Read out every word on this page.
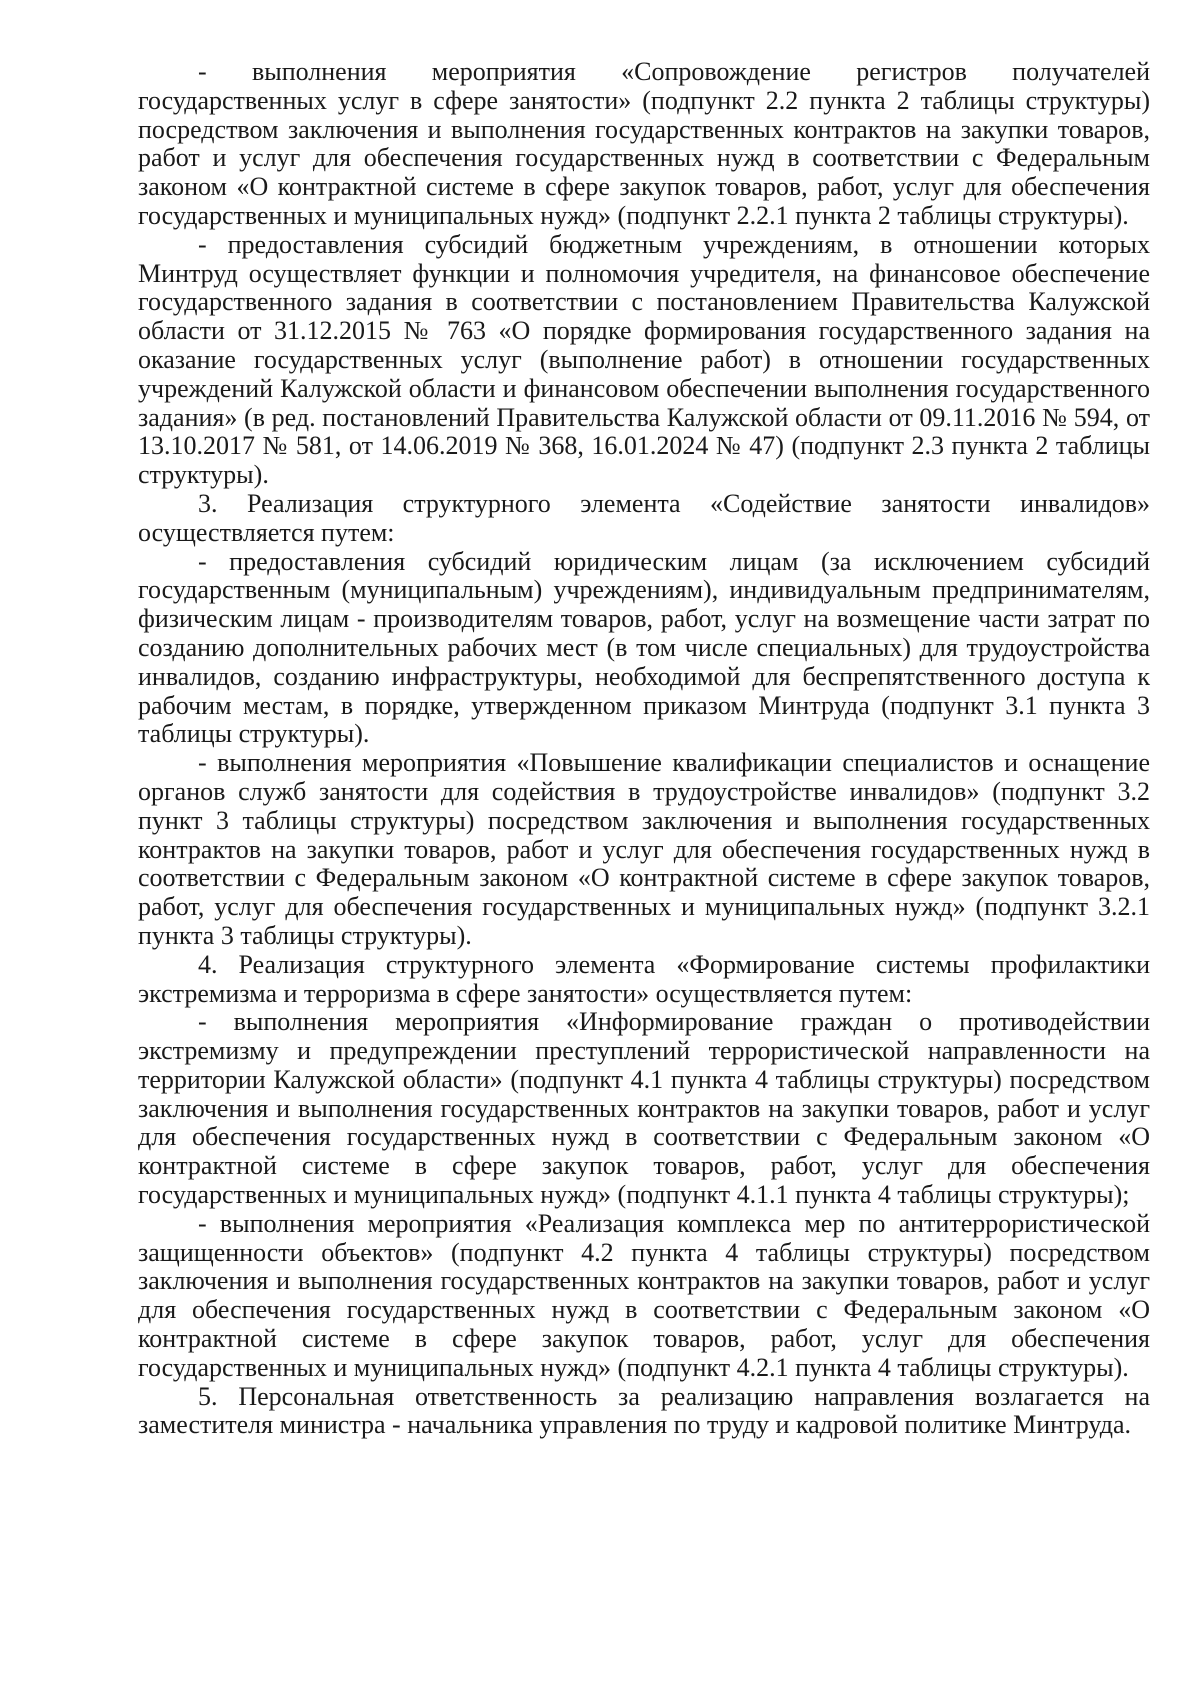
- выполнения мероприятия «Сопровождение регистров получателей государственных услуг в сфере занятости» (подпункт 2.2 пункта 2 таблицы структуры) посредством заключения и выполнения государственных контрактов на закупки товаров, работ и услуг для обеспечения государственных нужд в соответствии с Федеральным законом «О контрактной системе в сфере закупок товаров, работ, услуг для обеспечения государственных и муниципальных нужд» (подпункт 2.2.1 пункта 2 таблицы структуры).

- предоставления субсидий бюджетным учреждениям, в отношении которых Минтруд осуществляет функции и полномочия учредителя, на финансовое обеспечение государственного задания в соответствии с постановлением Правительства Калужской области от 31.12.2015 № 763 «О порядке формирования государственного задания на оказание государственных услуг (выполнение работ) в отношении государственных учреждений Калужской области и финансовом обеспечении выполнения государственного задания» (в ред. постановлений Правительства Калужской области от 09.11.2016 № 594, от 13.10.2017 № 581, от 14.06.2019 № 368, 16.01.2024 № 47) (подпункт 2.3 пункта 2 таблицы структуры).

3. Реализация структурного элемента «Содействие занятости инвалидов» осуществляется путем:

- предоставления субсидий юридическим лицам (за исключением субсидий государственным (муниципальным) учреждениям), индивидуальным предпринимателям, физическим лицам - производителям товаров, работ, услуг на возмещение части затрат по созданию дополнительных рабочих мест (в том числе специальных) для трудоустройства инвалидов, созданию инфраструктуры, необходимой для беспрепятственного доступа к рабочим местам, в порядке, утвержденном приказом Минтруда (подпункт 3.1 пункта 3 таблицы структуры).

- выполнения мероприятия «Повышение квалификации специалистов и оснащение органов служб занятости для содействия в трудоустройстве инвалидов» (подпункт 3.2 пункт 3 таблицы структуры) посредством заключения и выполнения государственных контрактов на закупки товаров, работ и услуг для обеспечения государственных нужд в соответствии с Федеральным законом «О контрактной системе в сфере закупок товаров, работ, услуг для обеспечения государственных и муниципальных нужд» (подпункт 3.2.1 пункта 3 таблицы структуры).

4. Реализация структурного элемента «Формирование системы профилактики экстремизма и терроризма в сфере занятости» осуществляется путем:

- выполнения мероприятия «Информирование граждан о противодействии экстремизму и предупреждении преступлений террористической направленности на территории Калужской области» (подпункт 4.1 пункта 4 таблицы структуры) посредством заключения и выполнения государственных контрактов на закупки товаров, работ и услуг для обеспечения государственных нужд в соответствии с Федеральным законом «О контрактной системе в сфере закупок товаров, работ, услуг для обеспечения государственных и муниципальных нужд» (подпункт 4.1.1 пункта 4 таблицы структуры);

- выполнения мероприятия «Реализация комплекса мер по антитеррористической защищенности объектов» (подпункт 4.2 пункта 4 таблицы структуры) посредством заключения и выполнения государственных контрактов на закупки товаров, работ и услуг для обеспечения государственных нужд в соответствии с Федеральным законом «О контрактной системе в сфере закупок товаров, работ, услуг для обеспечения государственных и муниципальных нужд» (подпункт 4.2.1 пункта 4 таблицы структуры).

5. Персональная ответственность за реализацию направления возлагается на заместителя министра - начальника управления по труду и кадровой политике Минтруда.
